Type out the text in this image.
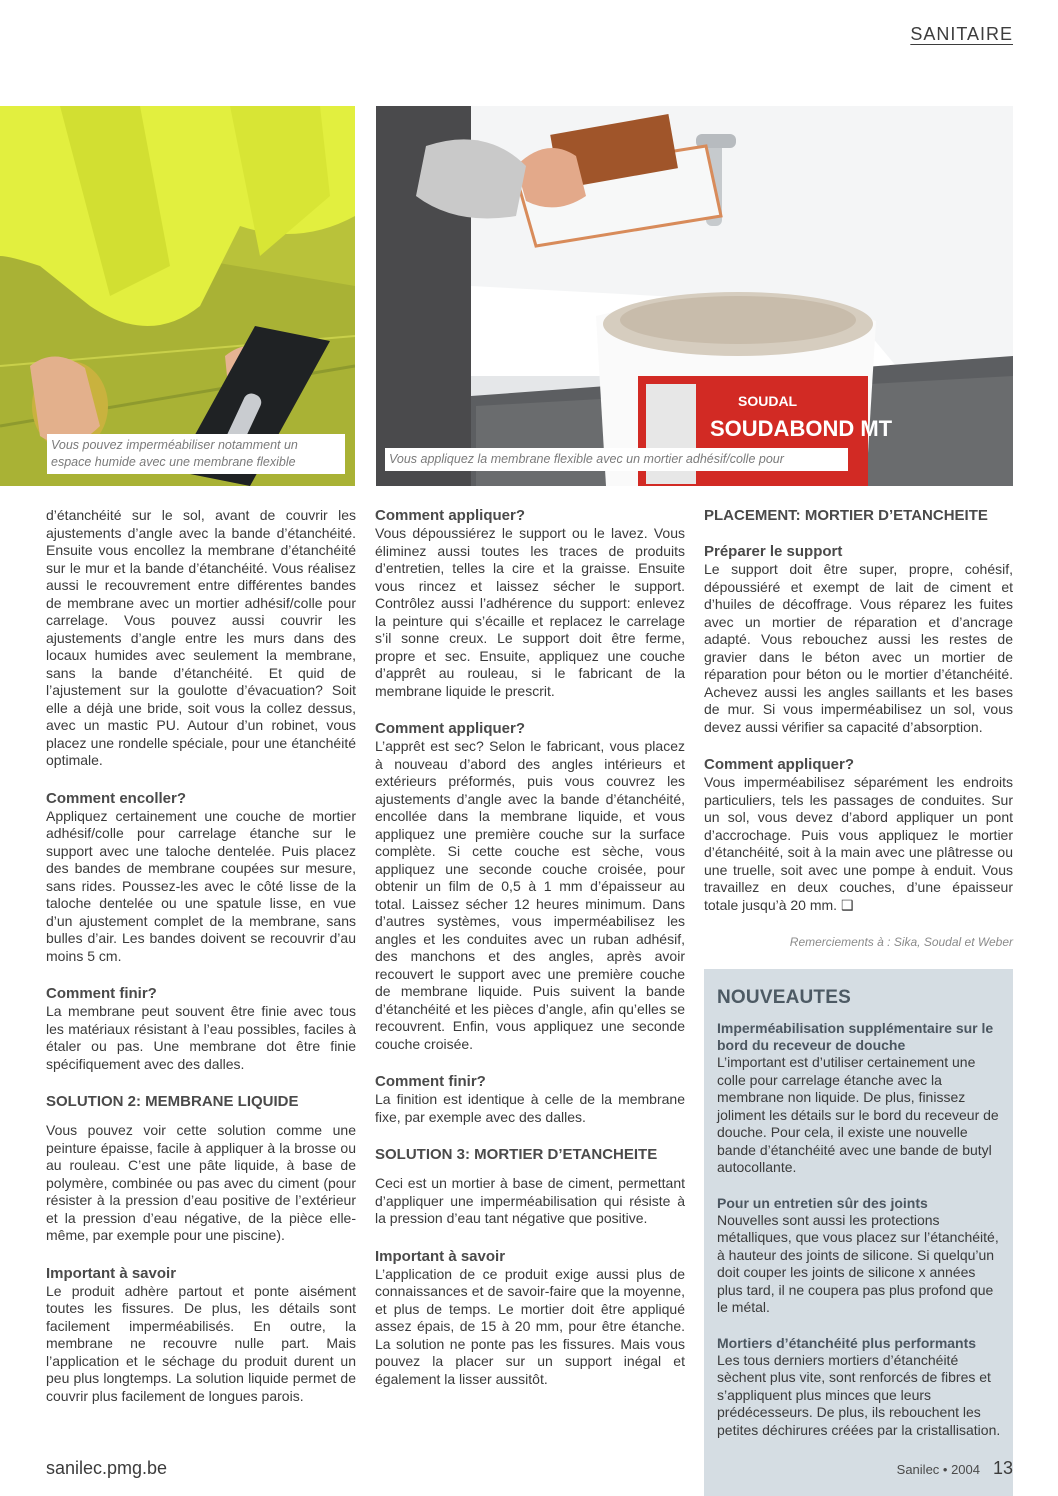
SANITAIRE
Vous pouvez imperméabiliser notamment un espace humide avec une membrane flexible
SOUDAL
SOUDABOND MT
Vous appliquez la membrane flexible avec un mortier adhésif/colle pour

d’étanchéité sur le sol, avant de couvrir les ajustements d’angle avec la bande d’étanchéité. Ensuite vous encollez la membrane d’étanchéité sur le mur et la bande d’étanchéité. Vous réalisez aussi le recouvrement entre différentes bandes de membrane avec un mortier adhésif/colle pour carrelage. Vous pouvez aussi couvrir les ajustements d’angle entre les murs dans des locaux humides avec seulement la membrane, sans la bande d’étanchéité. Et quid de l’ajustement sur la goulotte d’évacuation? Soit elle a déjà une bride, soit vous la collez dessus, avec un mastic PU. Autour d’un robinet, vous placez une rondelle spéciale, pour une étanchéité optimale.

Comment encoller?

Appliquez certainement une couche de mortier adhésif/colle pour carrelage étanche sur le support avec une taloche dentelée. Puis placez des bandes de membrane coupées sur mesure, sans rides. Poussez-les avec le côté lisse de la taloche dentelée ou une spatule lisse, en vue d’un ajustement complet de la membrane, sans bulles d’air. Les bandes doivent se recouvrir d’au moins 5 cm.

Comment finir?

La membrane peut souvent être finie avec tous les matériaux résistant à l’eau possibles, faciles à étaler ou pas. Une membrane dot être finie spécifiquement avec des dalles.

SOLUTION 2: MEMBRANE LIQUIDE

Vous pouvez voir cette solution comme une peinture épaisse, facile à appliquer à la brosse ou au rouleau. C’est une pâte liquide, à base de polymère, combinée ou pas avec du ciment (pour résister à la pression d’eau positive de l’extérieur et la pression d’eau négative, de la pièce elle-même, par exemple pour une piscine).

Important à savoir

Le produit adhère partout et ponte aisément toutes les fissures. De plus, les détails sont facilement imperméabilisés. En outre, la membrane ne recouvre nulle part. Mais l’application et le séchage du produit durent un peu plus longtemps. La solution liquide permet de couvrir plus facilement de longues parois.

Comment appliquer?

Vous dépoussiérez le support ou le lavez. Vous éliminez aussi toutes les traces de produits d’entretien, telles la cire et la graisse. Ensuite vous rincez et laissez sécher le support. Contrôlez aussi l’adhérence du support: enlevez la peinture qui s’écaille et replacez le carrelage s’il sonne creux. Le support doit être ferme, propre et sec. Ensuite, appliquez une couche d’apprêt au rouleau, si le fabricant de la membrane liquide le prescrit.

Comment appliquer?

L’apprêt est sec? Selon le fabricant, vous placez à nouveau d’abord des angles intérieurs et extérieurs préformés, puis vous couvrez les ajustements d’angle avec la bande d’étanchéité, encollée dans la membrane liquide, et vous appliquez une première couche sur la surface complète. Si cette couche est sèche, vous appliquez une seconde couche croisée, pour obtenir un film de 0,5 à 1 mm d’épaisseur au total. Laissez sécher 12 heures minimum. Dans d’autres systèmes, vous imperméabilisez les angles et les conduites avec un ruban adhésif, des manchons et des angles, après avoir recouvert le support avec une première couche de membrane liquide. Puis suivent la bande d’étanchéité et les pièces d’angle, afin qu’elles se recouvrent. Enfin, vous appliquez une seconde couche croisée.

Comment finir?

La finition est identique à celle de la membrane fixe, par exemple avec des dalles.

SOLUTION 3: MORTIER D’ETANCHEITE

Ceci est un mortier à base de ciment, permettant d’appliquer une imperméabilisation qui résiste à la pression d’eau tant négative que positive.

Important à savoir

L’application de ce produit exige aussi plus de connaissances et de savoir-faire que la moyenne, et plus de temps. Le mortier doit être appliqué assez épais, de 15 à 20 mm, pour être étanche. La solution ne ponte pas les fissures. Mais vous pouvez la placer sur un support inégal et également la lisser aussitôt.

PLACEMENT: MORTIER D’ETANCHEITE
Préparer le support

Le support doit être super, propre, cohésif, dépoussiéré et exempt de lait de ciment et d’huiles de décoffrage. Vous réparez les fuites avec un mortier de réparation et d’ancrage adapté. Vous rebouchez aussi les restes de gravier dans le béton avec un mortier de réparation pour béton ou le mortier d’étanchéité. Achevez aussi les angles saillants et les bases de mur. Si vous imperméabilisez un sol, vous devez aussi vérifier sa capacité d’absorption.

Comment appliquer?

Vous imperméabilisez séparément les endroits particuliers, tels les passages de conduites. Sur un sol, vous devez d’abord appliquer un pont d’accrochage. Puis vous appliquez le mortier d’étanchéité, soit à la main avec une plâtresse ou une truelle, soit avec une pompe à enduit. Vous travaillez en deux couches, d’une épaisseur totale jusqu’à 20 mm. ❑

Remerciements à : Sika, Soudal et Weber
NOUVEAUTES
Imperméabilisation supplémentaire sur le bord du receveur de douche

L’important est d’utiliser certainement une colle pour carrelage étanche avec la membrane non liquide. De plus, finissez joliment les détails sur le bord du receveur de douche. Pour cela, il existe une nouvelle bande d’étanchéité avec une bande de butyl autocollante.

Pour un entretien sûr des joints

Nouvelles sont aussi les protections métalliques, que vous placez sur l’étanchéité, à hauteur des joints de silicone. Si quelqu’un doit couper les joints de silicone x années plus tard, il ne coupera pas plus profond que le métal.

Mortiers d’étanchéité plus performants

Les tous derniers mortiers d’étanchéité sèchent plus vite, sont renforcés de fibres et s’appliquent plus minces que leurs prédécesseurs. De plus, ils rebouchent les petites déchirures créées par la cristallisation.

sanilec.pmg.be	Sanilec • 2004 13
